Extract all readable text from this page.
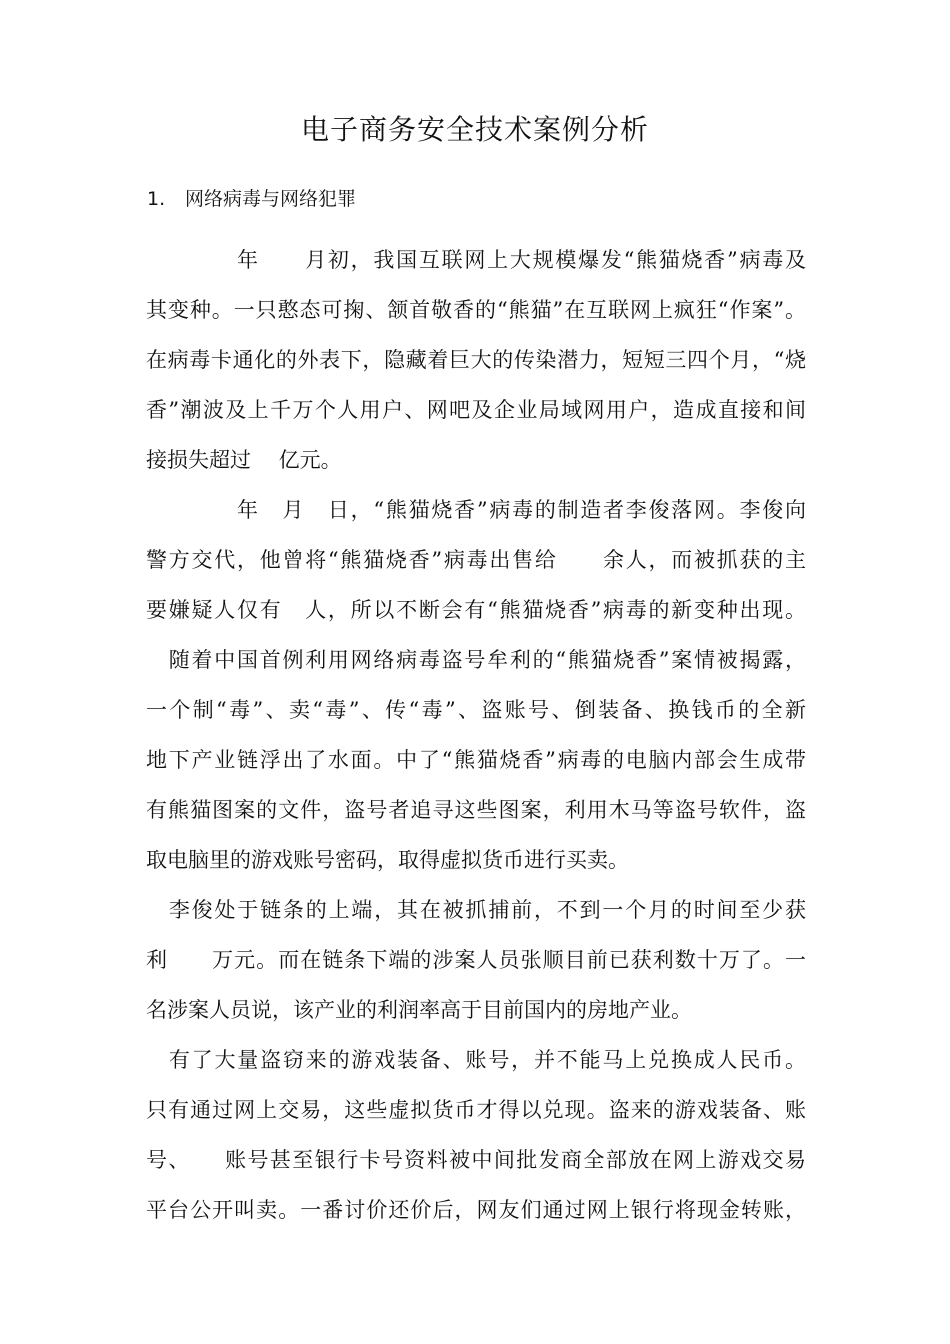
电子商务安全技术案例分析
1. 网络病毒与网络犯罪
　　　　年　　月初，我国互联网上大规模爆发“熊猫烧香”病毒及
其变种。一只憨态可掬、颔首敬香的“熊猫”在互联网上疯狂“作案”。
在病毒卡通化的外表下，隐藏着巨大的传染潜力，短短三四个月，“烧
香”潮波及上千万个人用户、网吧及企业局域网用户，造成直接和间
接损失超过　 亿元。
　　　　年　月　日，“熊猫烧香”病毒的制造者李俊落网。李俊向
警方交代，他曾将“熊猫烧香”病毒出售给　　余人，而被抓获的主
要嫌疑人仅有　人，所以不断会有“熊猫烧香”病毒的新变种出现。
　随着中国首例利用网络病毒盗号牟利的“熊猫烧香”案情被揭露，
一个制“毒”、卖“毒”、传“毒”、盗账号、倒装备、换钱币的全新
地下产业链浮出了水面。中了“熊猫烧香”病毒的电脑内部会生成带
有熊猫图案的文件，盗号者追寻这些图案，利用木马等盗号软件，盗
取电脑里的游戏账号密码，取得虚拟货币进行买卖。
　李俊处于链条的上端，其在被抓捕前，不到一个月的时间至少获
利　　万元。而在链条下端的涉案人员张顺目前已获利数十万了。一
名涉案人员说，该产业的利润率高于目前国内的房地产业。
　有了大量盗窃来的游戏装备、账号，并不能马上兑换成人民币。
只有通过网上交易，这些虚拟货币才得以兑现。盗来的游戏装备、账
号、　　账号甚至银行卡号资料被中间批发商全部放在网上游戏交易
平台公开叫卖。一番讨价还价后，网友们通过网上银行将现金转账，
